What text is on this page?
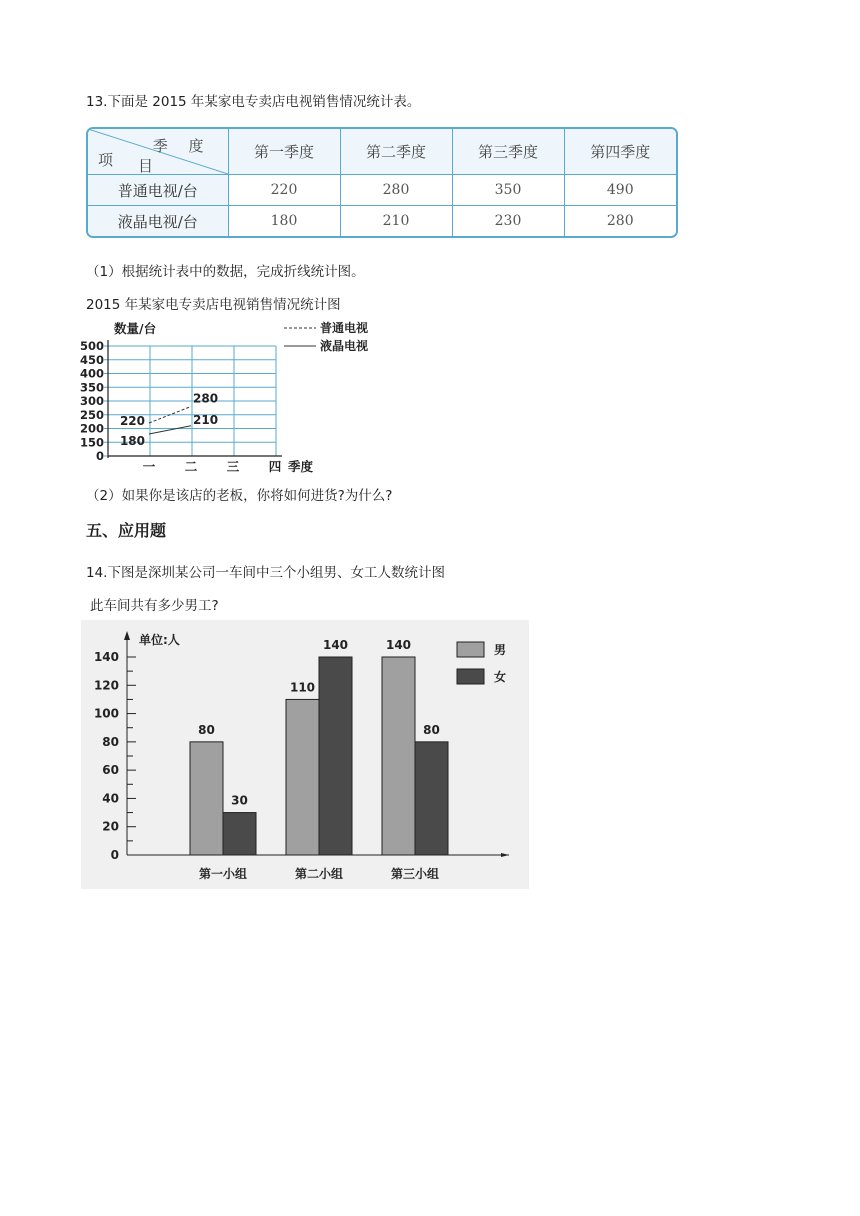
13.下面是 2015 年某家电专卖店电视销售情况统计表。
季 度
项 目	第一季度	第二季度	第三季度	第四季度
普通电视/台	220	280	350	490
液晶电视/台	180	210	230	280
（1）根据统计表中的数据，完成折线统计图。
2015 年某家电专卖店电视销售情况统计图
0
150
200
250
300
350
400
450
500
数量/台
一 二 三 四 季度
220
280
180
210
普通电视
液晶电视
（2）如果你是该店的老板，你将如何进货?为什么?
五、应用题
14.下图是深圳某公司一车间中三个小组男、女工人数统计图
此车间共有多少男工?
0
20
40
60
80
100
120
140
单位:人
80
30
第一小组
110
140
第二小组
140
80
第三小组
男
女
